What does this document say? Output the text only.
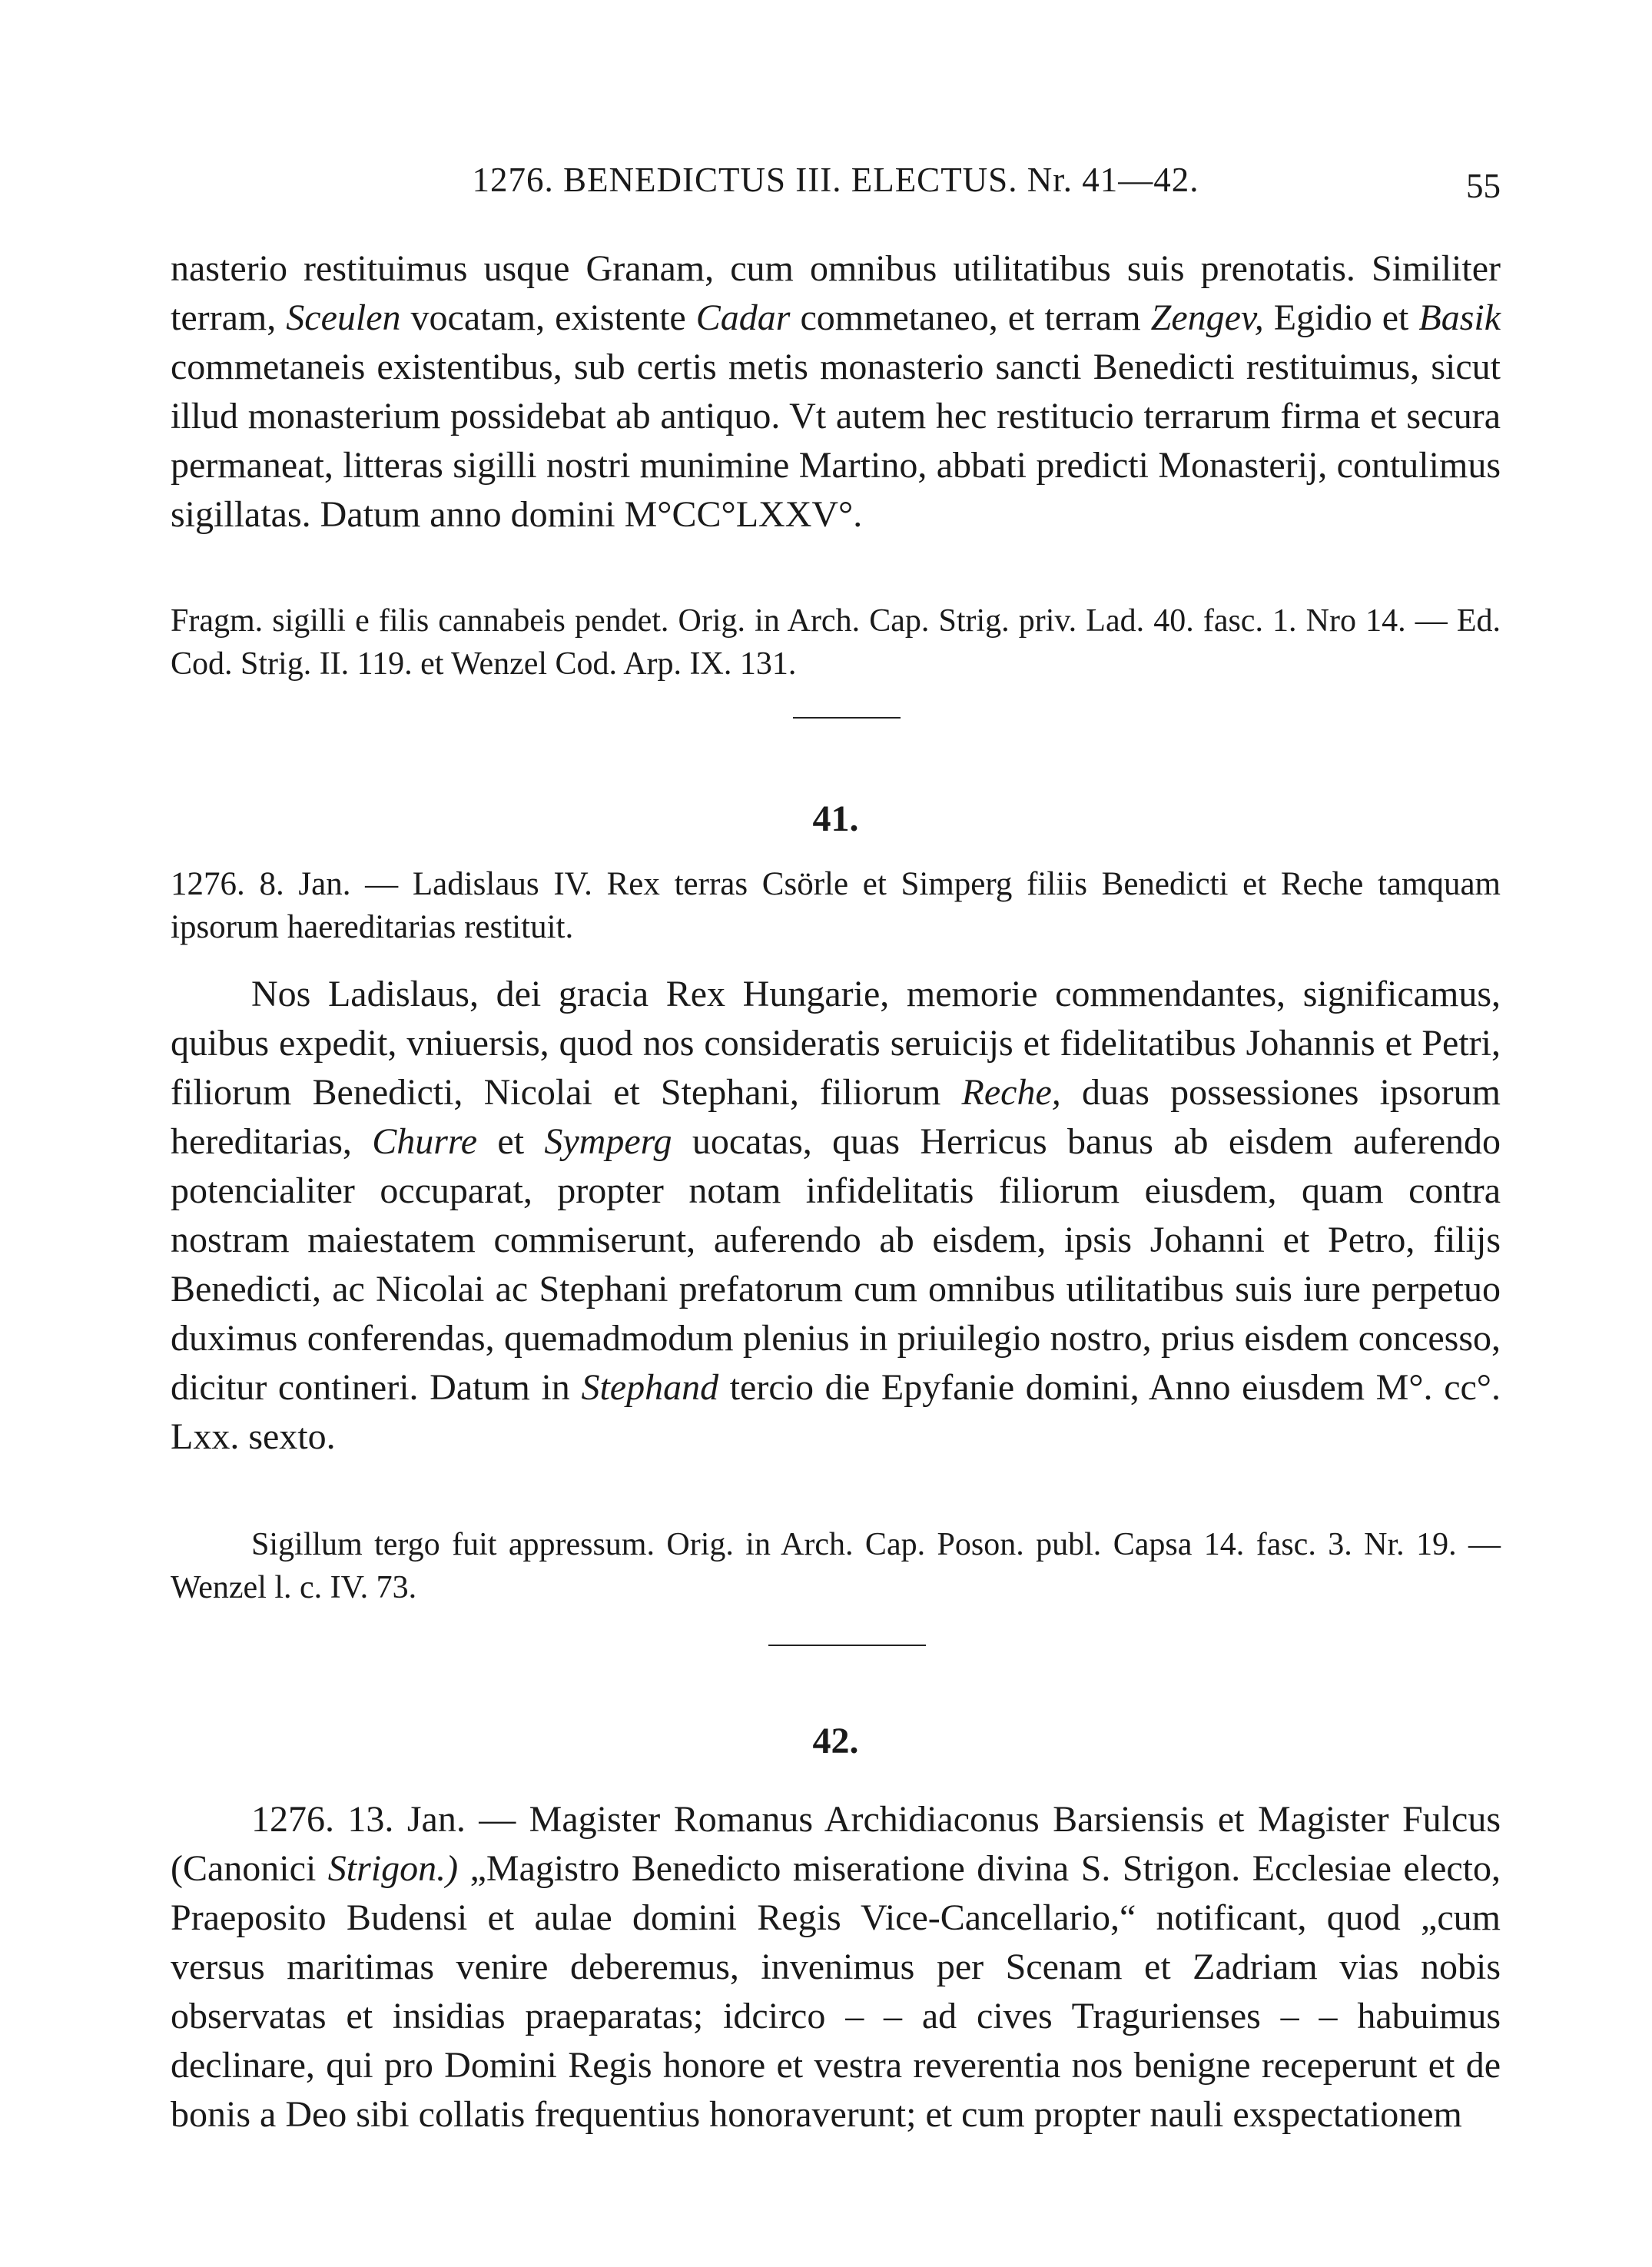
1276. BENEDICTUS III. ELECTUS. Nr. 41—42.	55
nasterio restituimus usque Granam, cum omnibus utilitatibus suis prenotatis. Similiter terram, Sceulen vocatam, existente Cadar commetaneo, et terram Zengev, Egidio et Basik commetaneis existentibus, sub certis metis monasterio sancti Benedicti restituimus, sicut illud monasterium possidebat ab antiquo. Vt autem hec restitucio terrarum firma et secura permaneat, litteras sigilli nostri munimine Martino, abbati predicti Monasterij, contulimus sigillatas. Datum anno domini M°CC°LXXV°.
Fragm. sigilli e filis cannabeis pendet. Orig. in Arch. Cap. Strig. priv. Lad. 40. fasc. 1. Nro 14. — Ed. Cod. Strig. II. 119. et Wenzel Cod. Arp. IX. 131.
41.
1276. 8. Jan. — Ladislaus IV. Rex terras Csörle et Simperg filiis Benedicti et Reche tamquam ipsorum haereditarias restituit.
Nos Ladislaus, dei gracia Rex Hungarie, memorie commendantes, significamus, quibus expedit, vniuersis, quod nos consideratis seruicijs et fidelitatibus Johannis et Petri, filiorum Benedicti, Nicolai et Stephani, filiorum Reche, duas possessiones ipsorum hereditarias, Churre et Symperg uocatas, quas Herricus banus ab eisdem auferendo potencialiter occuparat, propter notam infidelitatis filiorum eiusdem, quam contra nostram maiestatem commiserunt, auferendo ab eisdem, ipsis Johanni et Petro, filijs Benedicti, ac Nicolai ac Stephani prefatorum cum omnibus utilitatibus suis iure perpetuo duximus conferendas, quemadmodum plenius in priuilegio nostro, prius eisdem concesso, dicitur contineri. Datum in Stephand tercio die Epyfanie domini, Anno eiusdem M°. cc°. Lxx. sexto.
Sigillum tergo fuit appressum. Orig. in Arch. Cap. Poson. publ. Capsa 14. fasc. 3. Nr. 19. — Wenzel l. c. IV. 73.
42.
1276. 13. Jan. — Magister Romanus Archidiaconus Barsiensis et Magister Fulcus (Canonici Strigon.) „Magistro Benedicto miseratione divina S. Strigon. Ecclesiae electo, Praeposito Budensi et aulae domini Regis Vice-Cancellario,“ notificant, quod „cum versus maritimas venire deberemus, invenimus per Scenam et Zadriam vias nobis observatas et insidias praeparatas; idcirco – – ad cives Tragurienses – – habuimus declinare, qui pro Domini Regis honore et vestra reverentia nos benigne receperunt et de bonis a Deo sibi collatis frequentius honoraverunt; et cum propter nauli exspectationem
